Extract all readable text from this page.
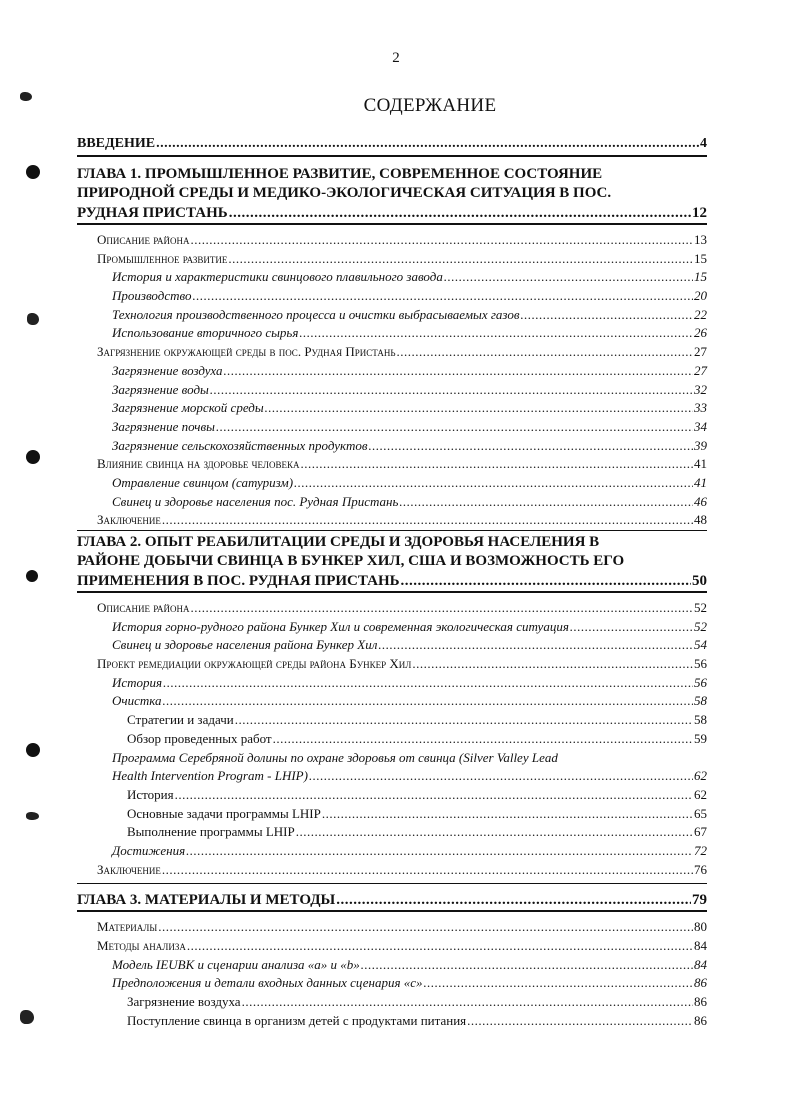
2
СОДЕРЖАНИЕ
ВВЕДЕНИЕ .....	4
ГЛАВА 1. ПРОМЫШЛЕННОЕ РАЗВИТИЕ, СОВРЕМЕННОЕ СОСТОЯНИЕ
ПРИРОДНОЙ СРЕДЫ И МЕДИКО-ЭКОЛОГИЧЕСКАЯ СИТУАЦИЯ В ПОС.
РУДНАЯ ПРИСТАНЬ .....	12
Описание района .....	13
Промышленное развитие .....	15
История и характеристики свинцового плавильного завода .....	15
Производство .....	20
Технология производственного процесса и очистки выбрасываемых газов .....	22
Использование вторичного сырья .....	26
Загрязнение окружающей среды в пос. Рудная Пристань .....	27
Загрязнение воздуха .....	27
Загрязнение воды .....	32
Загрязнение морской среды .....	33
Загрязнение почвы .....	34
Загрязнение сельскохозяйственных продуктов .....	39
Влияние свинца на здоровье человека .....	41
Отравление свинцом (сатуризм) .....	41
Свинец и здоровье населения пос. Рудная Пристань .....	46
Заключение .....	48
ГЛАВА 2. ОПЫТ РЕАБИЛИТАЦИИ СРЕДЫ И ЗДОРОВЬЯ НАСЕЛЕНИЯ В
РАЙОНЕ ДОБЫЧИ СВИНЦА В БУНКЕР ХИЛ, США И ВОЗМОЖНОСТЬ ЕГО
ПРИМЕНЕНИЯ В ПОС. РУДНАЯ ПРИСТАНЬ .....	50
Описание района .....	52
История горно-рудного района Бункер Хил и современная экологическая ситуация .....	52
Свинец и здоровье населения района Бункер Хил .....	54
Проект ремедиации окружающей среды района Бункер Хил .....	56
История .....	56
Очистка .....	58
Стратегии и задачи .....	58
Обзор проведенных работ .....	59
Программа Серебряной долины по охране здоровья от свинца (Silver Valley Lead
Health Intervention Program - LHIP) .....	62
История .....	62
Основные задачи программы LHIP .....	65
Выполнение программы LHIP .....	67
Достижения .....	72
Заключение .....	76
ГЛАВА 3. МАТЕРИАЛЫ И МЕТОДЫ .....	79
Материалы .....	80
Методы анализа .....	84
Модель IEUBK и сценарии анализа «a» и «b» .....	84
Предположения и детали входных данных сценария «c» .....	86
Загрязнение воздуха .....	86
Поступление свинца в организм детей с продуктами питания .....	86
